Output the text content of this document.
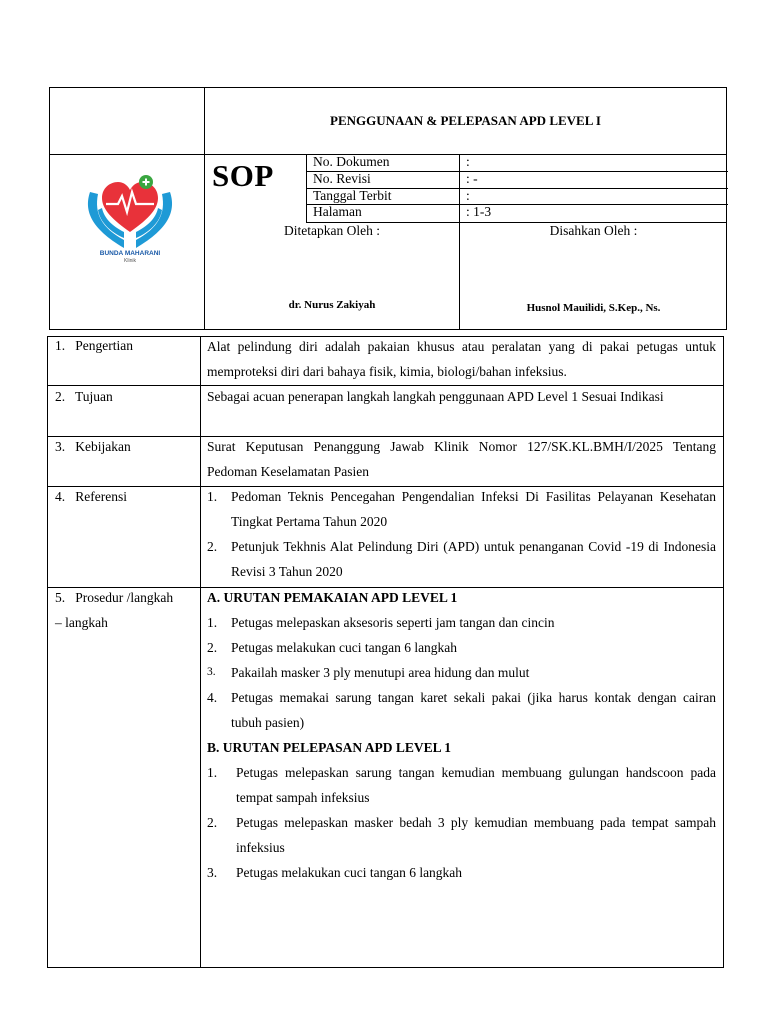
PENGGUNAAN & PELEPASAN APD LEVEL I
BUNDA MAHARANI
Klinik
SOP	No. Dokumen	:
No. Revisi	: -
Tanggal Terbit	:
Halaman	: 1-3
Ditetapkan Oleh :
dr. Nurus Zakiyah
Disahkan Oleh :
Husnol Mauilidi, S.Kep., Ns.
1.   Pengertian	Alat pelindung diri adalah pakaian khusus atau peralatan yang di pakai petugas untuk memproteksi diri dari bahaya fisik, kimia, biologi/bahan infeksius.
2.   Tujuan	Sebagai acuan penerapan langkah langkah penggunaan APD Level 1 Sesuai Indikasi
3.   Kebijakan	Surat Keputusan Penanggung Jawab Klinik Nomor 127/SK.KL.BMH/I/2025 Tentang Pedoman Keselamatan Pasien
4.   Referensi	1.	Pedoman Teknis Pencegahan Pengendalian Infeksi Di Fasilitas Pelayanan Kesehatan Tingkat Pertama Tahun 2020
2.	Petunjuk Tekhnis Alat Pelindung Diri (APD) untuk penanganan Covid -19 di Indonesia Revisi 3 Tahun 2020
5.   Prosedur /langkah
– langkah
A. URUTAN PEMAKAIAN APD LEVEL 1
1.	Petugas melepaskan aksesoris seperti jam tangan dan cincin
2.	Petugas melakukan cuci tangan 6 langkah
3.	Pakailah masker 3 ply menutupi area hidung dan mulut
4.	Petugas memakai sarung tangan karet sekali pakai (jika harus kontak dengan cairan tubuh pasien)
B. URUTAN PELEPASAN APD LEVEL 1
1.	Petugas melepaskan sarung tangan kemudian membuang gulungan handscoon pada tempat sampah infeksius
2.	Petugas melepaskan masker bedah 3 ply kemudian membuang pada tempat sampah infeksius
3.	Petugas melakukan cuci tangan 6 langkah
